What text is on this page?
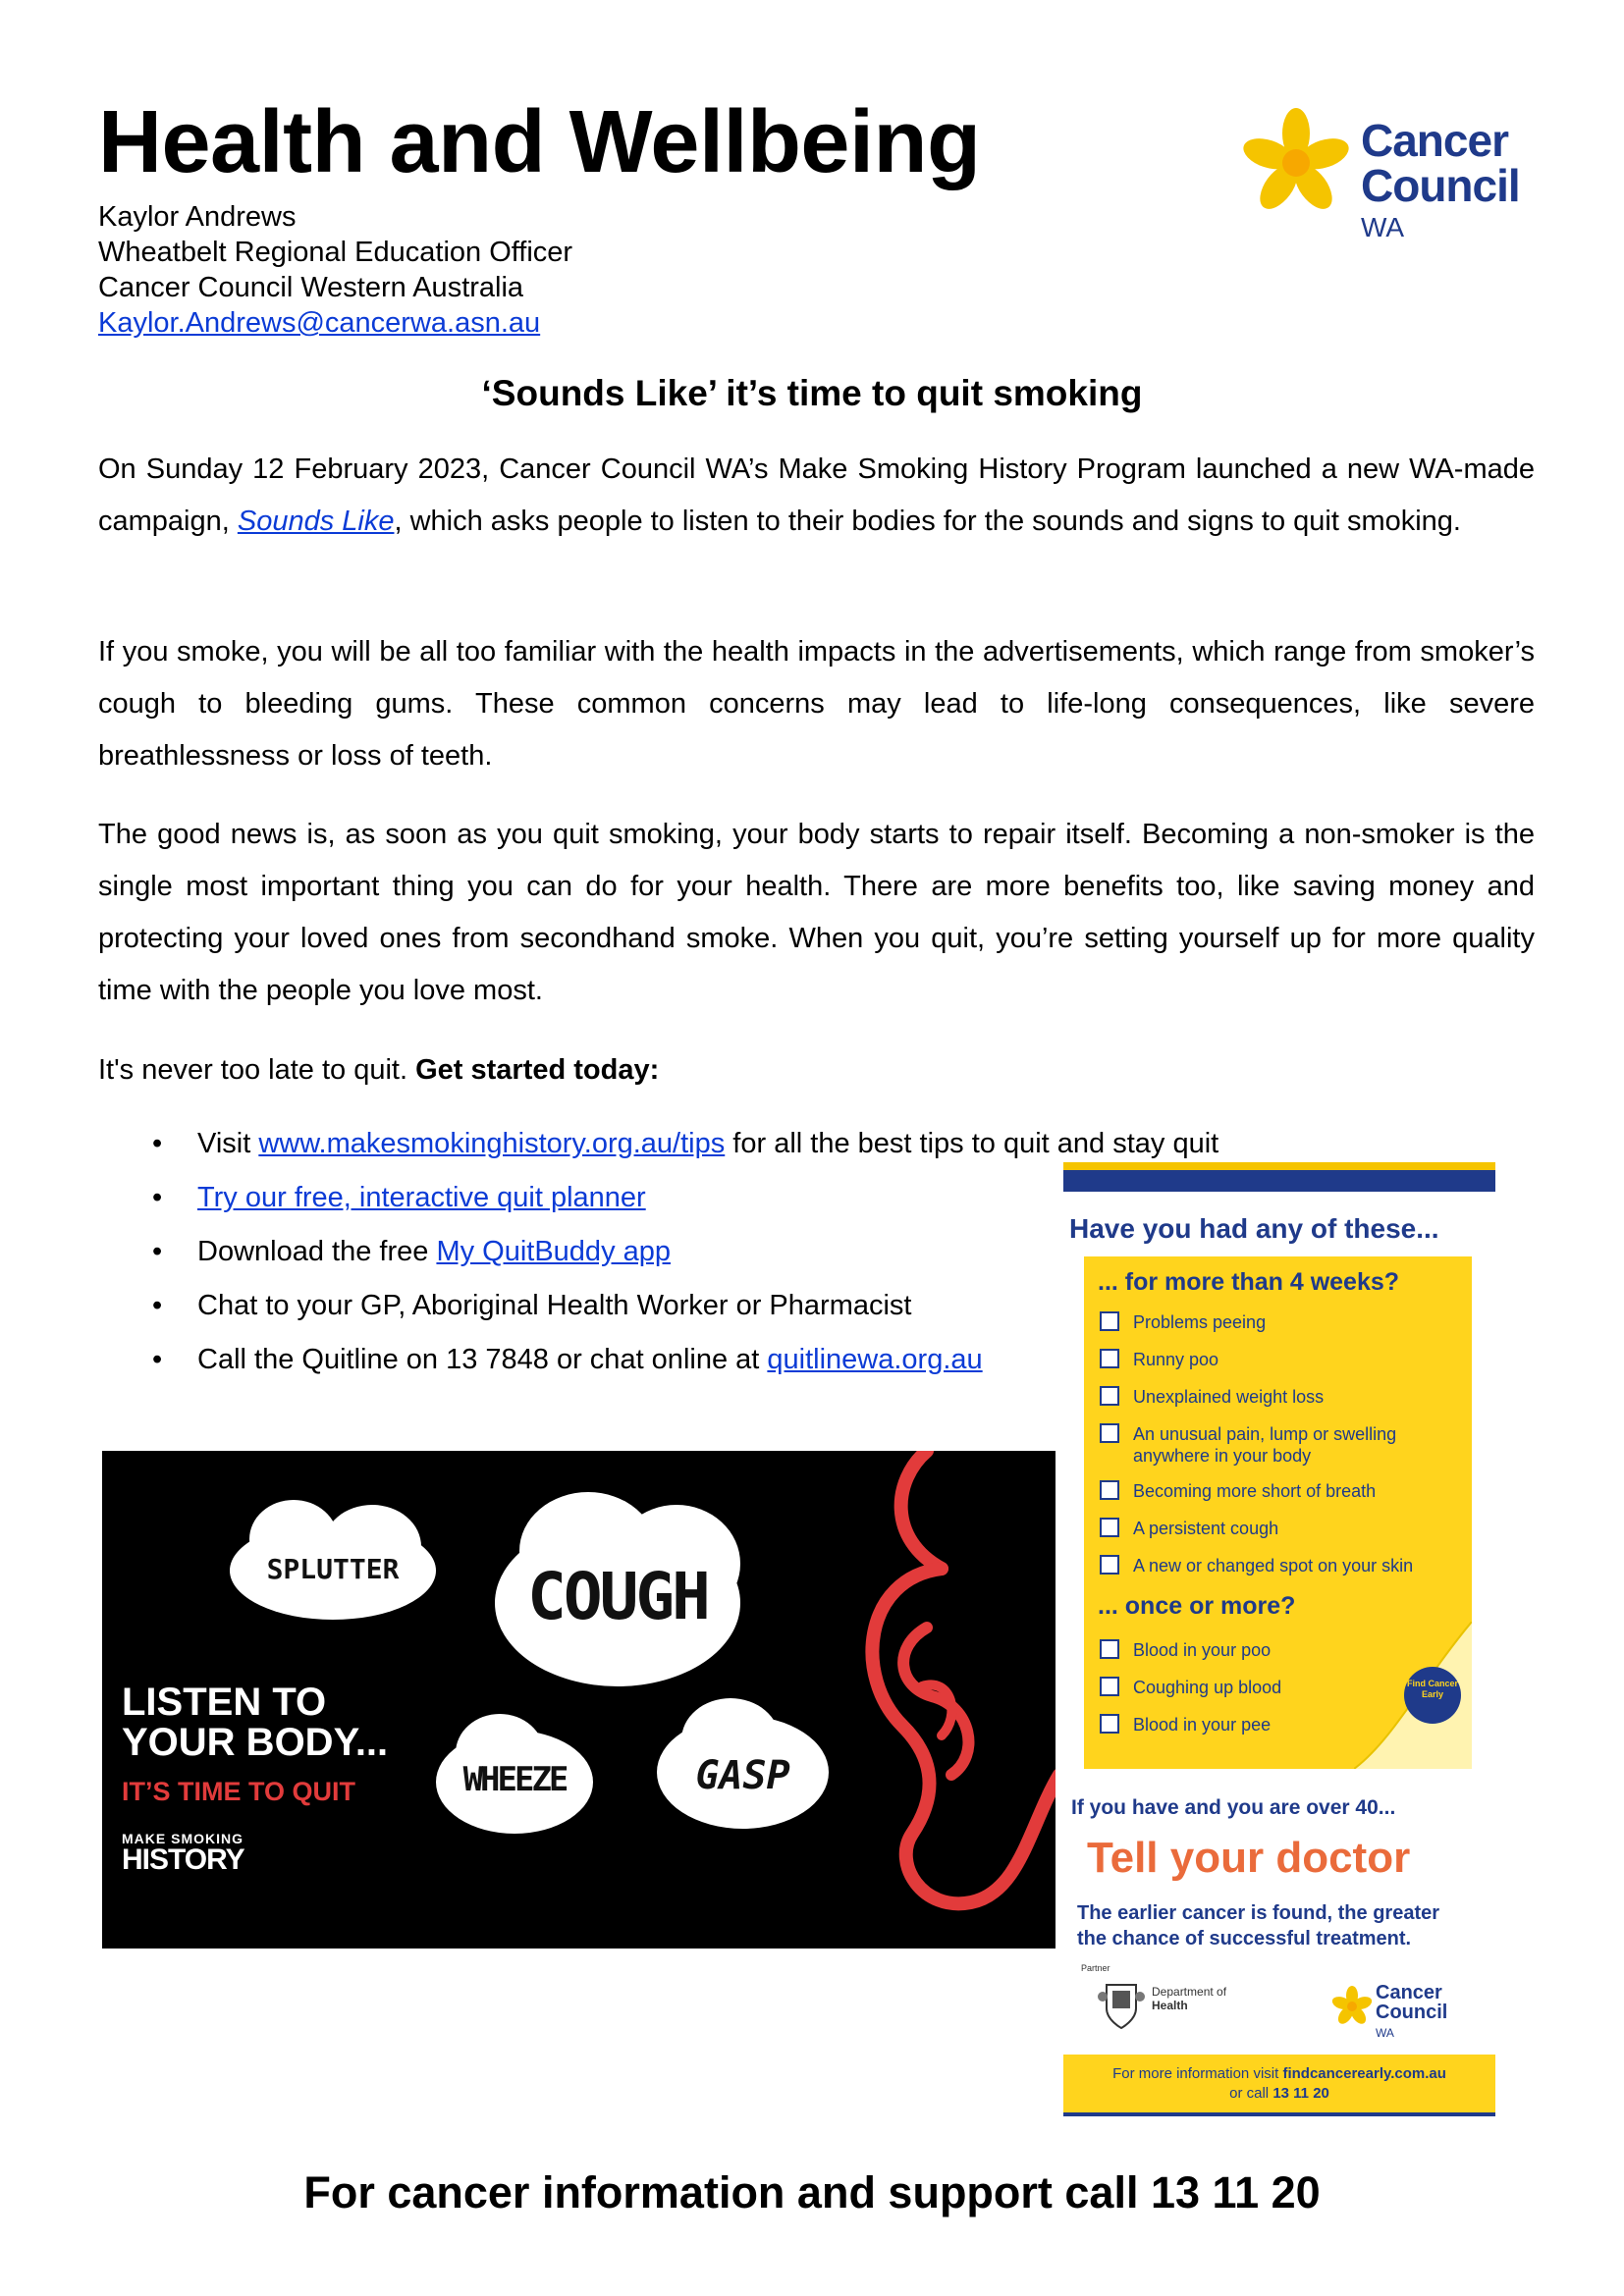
Health and Wellbeing
Kaylor Andrews
Wheatbelt Regional Education Officer
Cancer Council Western Australia
Kaylor.Andrews@cancerwa.asn.au
Cancer
Council
WA
‘Sounds Like’ it’s time to quit smoking

On Sunday 12 February 2023, Cancer Council WA’s Make Smoking History Program launched a new WA-made campaign, Sounds Like, which asks people to listen to their bodies for the sounds and signs to quit smoking.

If you smoke, you will be all too familiar with the health impacts in the advertisements, which range from smoker’s cough to bleeding gums. These common concerns may lead to life-long consequences, like severe breathlessness or loss of teeth.

The good news is, as soon as you quit smoking, your body starts to repair itself. Becoming a non-smoker is the single most important thing you can do for your health. There are more benefits too, like saving money and protecting your loved ones from secondhand smoke. When you quit, you’re setting yourself up for more quality time with the people you love most.

It's never too late to quit. Get started today:

• Visit www.makesmokinghistory.org.au/tips for all the best tips to quit and stay quit
• Try our free, interactive quit planner
• Download the free My QuitBuddy app
• Chat to your GP, Aboriginal Health Worker or Pharmacist
• Call the Quitline on 13 7848 or chat online at quitlinewa.org.au
SPLUTTER	COUGH
WHEEZE	GASP
LISTEN TO
YOUR BODY...
IT’S TIME TO QUIT
MAKE SMOKING
HISTORY
Have you had any of these...
... for more than 4 weeks?
Problems peeing
Runny poo
Unexplained weight loss
An unusual pain, lump or swelling anywhere in your body
Becoming more short of breath
A persistent cough
A new or changed spot on your skin
... once or more?
Blood in your poo
Coughing up blood
Blood in your pee
Find Cancer Early
If you have and you are over 40...
Tell your doctor
The earlier cancer is found, the greater
the chance of successful treatment.
Partner
Department of
Health
Cancer
Council
WA
For more information visit findcancerearly.com.au
or call 13 11 20
For cancer information and support call 13 11 20
